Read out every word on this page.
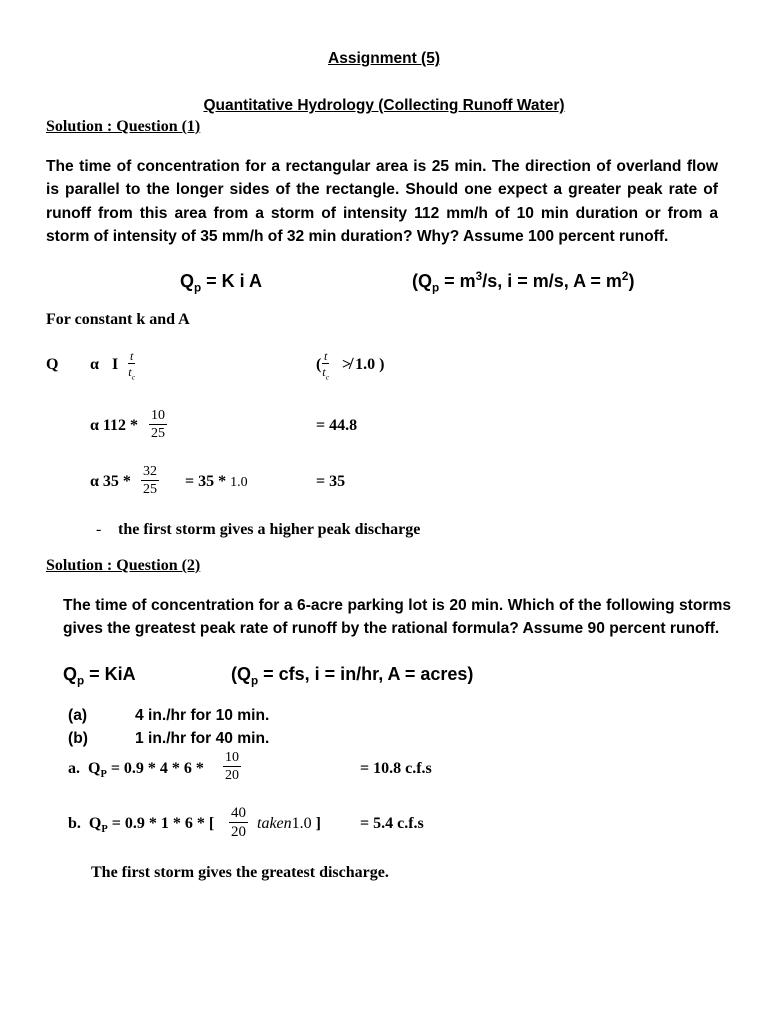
Assignment (5)
Quantitative Hydrology (Collecting Runoff Water)
Solution : Question (1)
The time of concentration for a rectangular area is 25 min. The direction of overland flow is parallel to the longer sides of the rectangle. Should one expect a greater peak rate of runoff from this area from a storm of intensity 112 mm/h of 10 min duration or from a storm of intensity of 35 mm/h of 32 min duration? Why? Assume 100 percent runoff.
$Q_p = K$ i A	($Q_p = m^3/s$, i = m/s, $A = m^2$)
For constant k and A
Q α I $\frac{t}{t_c}$	( $\frac{t}{t_c}$ ≯ 1.0 )
α $112 * \frac{10}{25}$	= 44.8
α $35 * \frac{32}{25} = 35 * 1.0$	= 35
- the first storm gives a higher peak discharge
Solution : Question (2)
The time of concentration for a 6-acre parking lot is 20 min. Which of the following storms gives the greatest peak rate of runoff by the rational formula? Assume 90 percent runoff.
$Q_p$ = KiA	($Q_p$ = cfs, i = in/hr, A = acres)
(a)	4 in./hr for 10 min.
(b)	1 in./hr for 40 min.
a. $Q_P = 0.9 * 4 * 6 * \frac{10}{20}$	= 10.8 c.f.s
b. $Q_P = 0.9 * 1 * 6$ * [ $\frac{40}{20}$ taken1.0 ] = 5.4 c.f.s
The first storm gives the greatest discharge.
